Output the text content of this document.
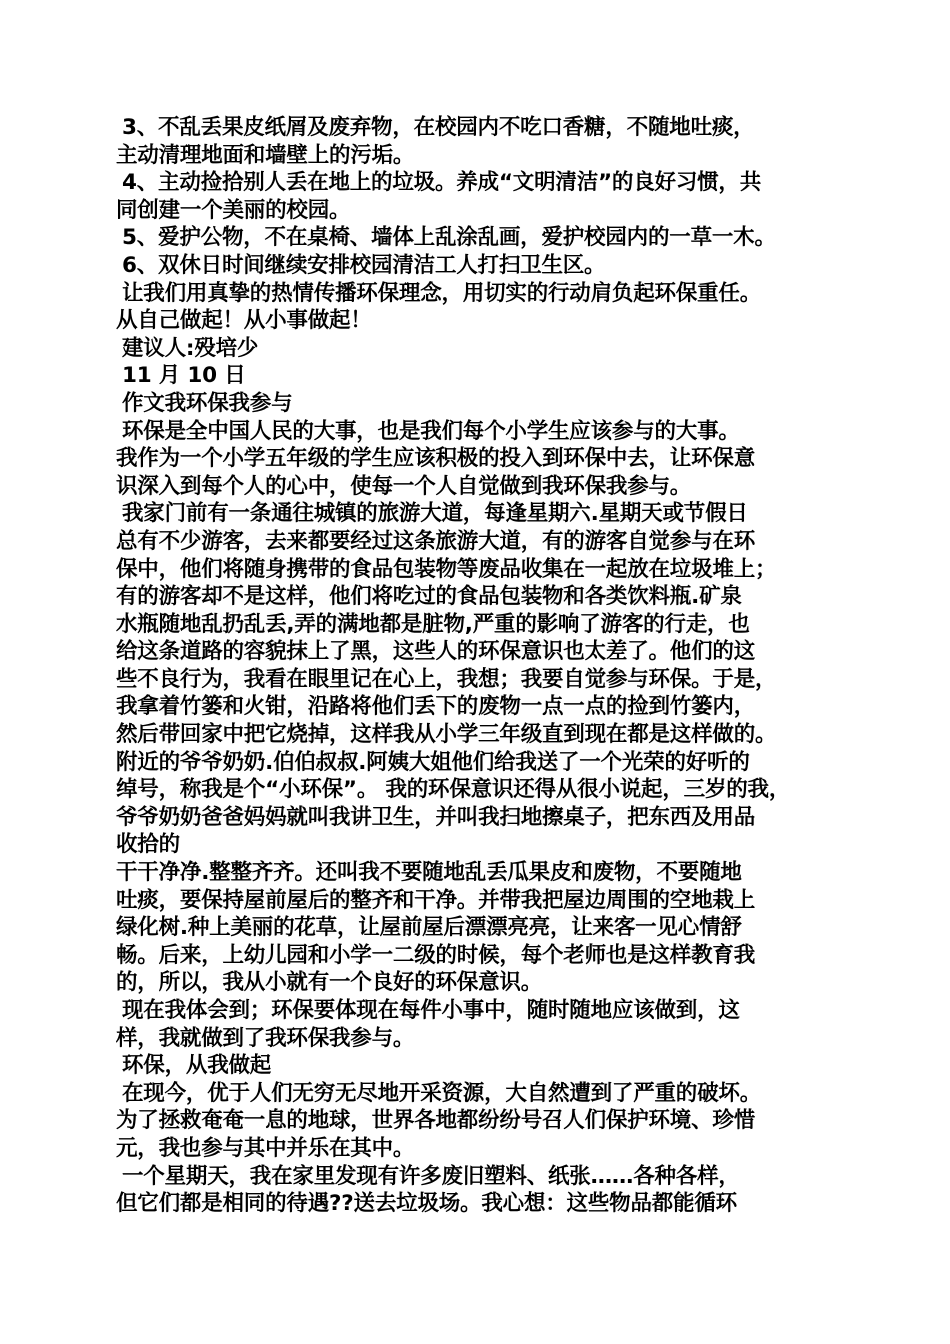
3、不乱丢果皮纸屑及废弃物，在校园内不吃口香糖，不随地吐痰，
主动清理地面和墙壁上的污垢。
4、主动捡拾别人丢在地上的垃圾。养成“文明清洁”的良好习惯，共
同创建一个美丽的校园。
5、爱护公物，不在桌椅、墙体上乱涂乱画，爱护校园内的一草一木。
6、双休日时间继续安排校园清洁工人打扫卫生区。
让我们用真挚的热情传播环保理念，用切实的行动肩负起环保重任。
从自己做起！从小事做起！
建议人:殁培少
11 月 10 日
作文我环保我参与
环保是全中国人民的大事，也是我们每个小学生应该参与的大事。
我作为一个小学五年级的学生应该积极的投入到环保中去，让环保意
识深入到每个人的心中，使每一个人自觉做到我环保我参与。
我家门前有一条通往城镇的旅游大道，每逢星期六.星期天或节假日
总有不少游客，去来都要经过这条旅游大道，有的游客自觉参与在环
保中，他们将随身携带的食品包装物等废品收集在一起放在垃圾堆上；
有的游客却不是这样，他们将吃过的食品包装物和各类饮料瓶.矿泉
水瓶随地乱扔乱丢,弄的满地都是脏物,严重的影响了游客的行走，也
给这条道路的容貌抹上了黑，这些人的环保意识也太差了。他们的这
些不良行为，我看在眼里记在心上，我想；我要自觉参与环保。于是，
我拿着竹篓和火钳，沿路将他们丢下的废物一点一点的捡到竹篓内，
然后带回家中把它烧掉，这样我从小学三年级直到现在都是这样做的。
附近的爷爷奶奶.伯伯叔叔.阿姨大姐他们给我送了一个光荣的好听的
绰号，称我是个“小环保”。 我的环保意识还得从很小说起，三岁的我，
爷爷奶奶爸爸妈妈就叫我讲卫生，并叫我扫地擦桌子，把东西及用品
收拾的
干干净净.整整齐齐。还叫我不要随地乱丢瓜果皮和废物，不要随地
吐痰，要保持屋前屋后的整齐和干净。并带我把屋边周围的空地栽上
绿化树.种上美丽的花草，让屋前屋后漂漂亮亮，让来客一见心情舒
畅。后来，上幼儿园和小学一二级的时候，每个老师也是这样教育我
的，所以，我从小就有一个良好的环保意识。
现在我体会到；环保要体现在每件小事中，随时随地应该做到，这
样，我就做到了我环保我参与。
环保，从我做起
在现今，优于人们无穷无尽地开采资源，大自然遭到了严重的破坏。
为了拯救奄奄一息的地球，世界各地都纷纷号召人们保护环境、珍惜
元，我也参与其中并乐在其中。
一个星期天，我在家里发现有许多废旧塑料、纸张……各种各样，
但它们都是相同的待遇??送去垃圾场。我心想：这些物品都能循环
